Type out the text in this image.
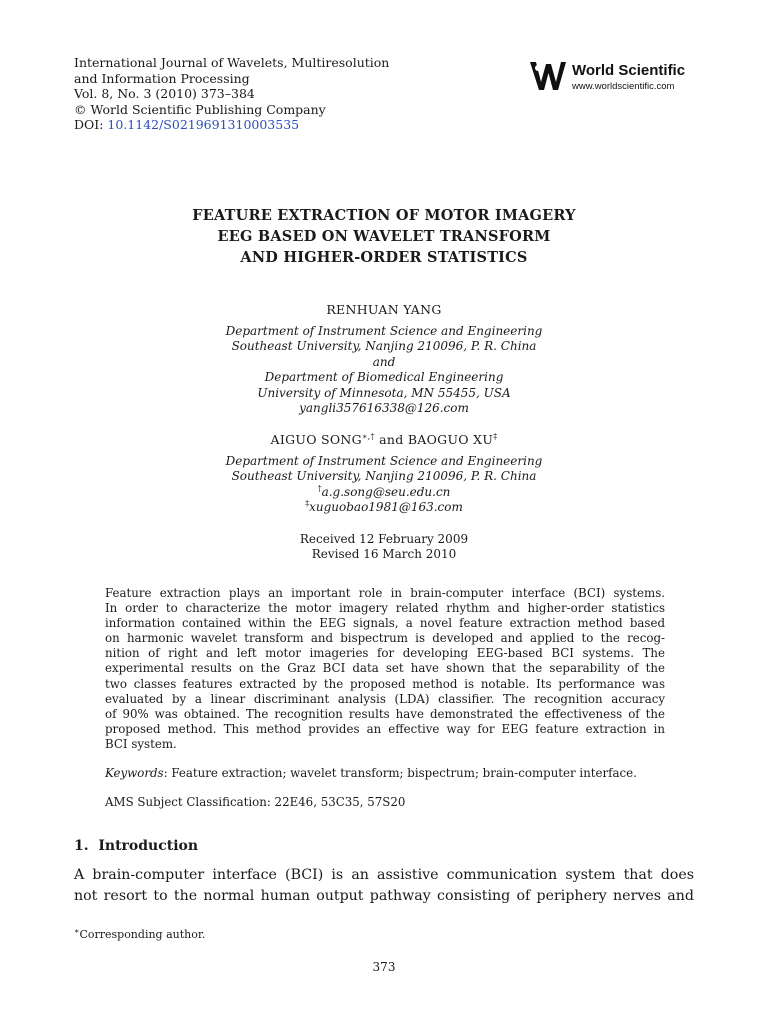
International Journal of Wavelets, Multiresolution
and Information Processing
Vol. 8, No. 3 (2010) 373–384
© World Scientific Publishing Company
DOI: 10.1142/S0219691310003535
World Scientific
www.worldscientific.com
FEATURE EXTRACTION OF MOTOR IMAGERY
EEG BASED ON WAVELET TRANSFORM
AND HIGHER-ORDER STATISTICS
RENHUAN YANG
Department of Instrument Science and Engineering
Southeast University, Nanjing 210096, P. R. China
and
Department of Biomedical Engineering
University of Minnesota, MN 55455, USA
yangli357616338@126.com
AIGUO SONG∗,† and BAOGUO XU‡
Department of Instrument Science and Engineering
Southeast University, Nanjing 210096, P. R. China
†a.g.song@seu.edu.cn
‡xuguobao1981@163.com
Received 12 February 2009
Revised 16 March 2010
Feature extraction plays an important role in brain-computer interface (BCI) systems.
In order to characterize the motor imagery related rhythm and higher-order statistics
information contained within the EEG signals, a novel feature extraction method based
on harmonic wavelet transform and bispectrum is developed and applied to the recog-
nition of right and left motor imageries for developing EEG-based BCI systems. The
experimental results on the Graz BCI data set have shown that the separability of the
two classes features extracted by the proposed method is notable. Its performance was
evaluated by a linear discriminant analysis (LDA) classifier. The recognition accuracy
of 90% was obtained. The recognition results have demonstrated the effectiveness of the
proposed method. This method provides an effective way for EEG feature extraction in
BCI system.
Keywords: Feature extraction; wavelet transform; bispectrum; brain-computer interface.
AMS Subject Classification: 22E46, 53C35, 57S20
1.  Introduction
A brain-computer interface (BCI) is an assistive communication system that does
not resort to the normal human output pathway consisting of periphery nerves and
∗Corresponding author.
373
